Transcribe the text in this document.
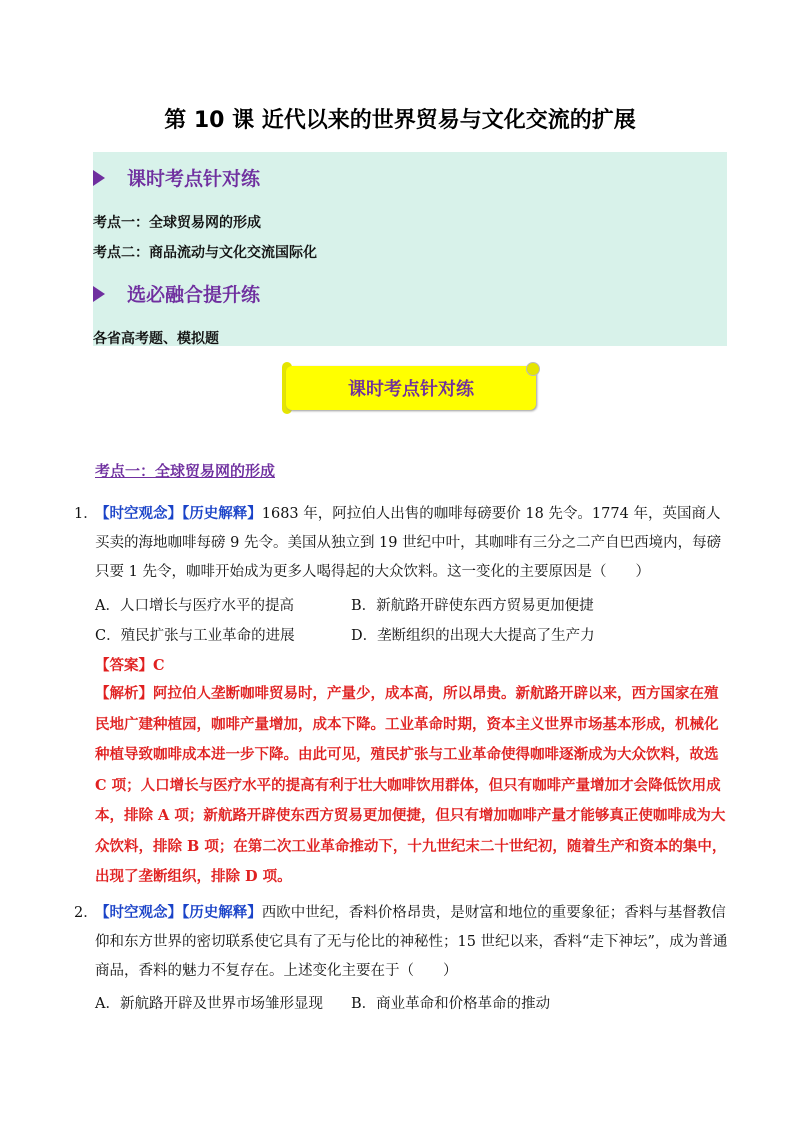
第 10 课 近代以来的世界贸易与文化交流的扩展
课时考点针对练
考点一：全球贸易网的形成
考点二：商品流动与文化交流国际化
选必融合提升练
各省高考题、模拟题
课时考点针对练
考点一：全球贸易网的形成
1．
【时空观念】【历史解释】1683 年，阿拉伯人出售的咖啡每磅要价 18 先令。1774 年，英国商人买卖的海地咖啡每磅 9 先令。美国从独立到 19 世纪中叶，其咖啡有三分之二产自巴西境内，每磅只要 1 先令，咖啡开始成为更多人喝得起的大众饮料。这一变化的主要原因是（　　）
A．人口增长与医疗水平的提高	B．新航路开辟使东西方贸易更加便捷
C．殖民扩张与工业革命的进展	D．垄断组织的出现大大提高了生产力
【答案】C
【解析】阿拉伯人垄断咖啡贸易时，产量少，成本高，所以昂贵。新航路开辟以来，西方国家在殖民地广建种植园，咖啡产量增加，成本下降。工业革命时期，资本主义世界市场基本形成，机械化种植导致咖啡成本进一步下降。由此可见，殖民扩张与工业革命使得咖啡逐渐成为大众饮料，故选 C 项；人口增长与医疗水平的提高有利于壮大咖啡饮用群体，但只有咖啡产量增加才会降低饮用成本，排除 A 项；新航路开辟使东西方贸易更加便捷，但只有增加咖啡产量才能够真正使咖啡成为大众饮料，排除 B 项；在第二次工业革命推动下，十九世纪末二十世纪初，随着生产和资本的集中，出现了垄断组织，排除 D 项。
2．
【时空观念】【历史解释】西欧中世纪，香料价格昂贵，是财富和地位的重要象征；香料与基督教信仰和东方世界的密切联系使它具有了无与伦比的神秘性；15 世纪以来，香料“走下神坛”，成为普通商品，香料的魅力不复存在。上述变化主要在于（　　）
A．新航路开辟及世界市场雏形显现 B．商业革命和价格革命的推动
